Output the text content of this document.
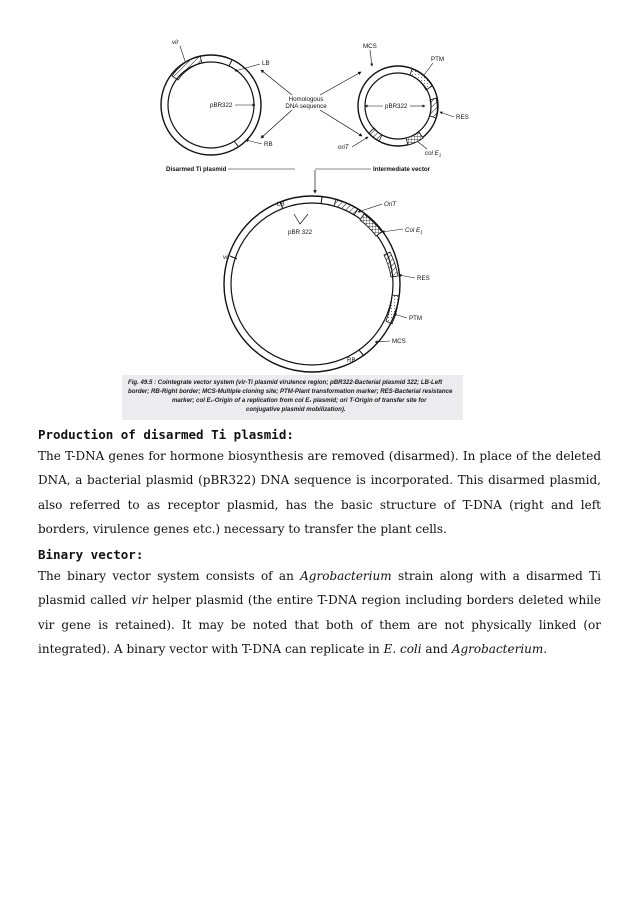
vir
LB
RB
pBR322
Disarmed Ti plasmid
Homologous
DNA sequence
MCS
PTM
pBR322
RES
oriT
col $E_1$
Intermediate vector
LB
pBR 322
OriT
Col $E_1$
vir
RES
PTM
MCS
RB
Fig. 49.5 : Cointegrate vector system (vir-Ti plasmid virulence region; pBR322-Bacterial plasmid 322; LB-Left
border; RB-Right border; MCS-Multiple cloning site; PTM-Plant transformation marker; RES-Bacterial resistance
marker; col E₁-Origin of a replication from col E₁ plasmid; ori T-Origin of transfer site for
conjugative plasmid mobilization).
Production of disarmed Ti plasmid:
The T-DNA genes for hormone biosynthesis are removed (disarmed). In place of the deleted DNA, a bacterial plasmid (pBR322) DNA sequence is incorporated. This disarmed plasmid, also referred to as receptor plasmid, has the basic structure of T-DNA (right and left borders, virulence genes etc.) necessary to transfer the plant cells.
Binary vector:
The binary vector system consists of an Agrobacterium strain along with a disarmed Ti plasmid called vir helper plasmid (the entire T-DNA region including borders deleted while vir gene is retained). It may be noted that both of them are not physically linked (or integrated). A binary vector with T-DNA can replicate in E. coli and Agrobacterium.
